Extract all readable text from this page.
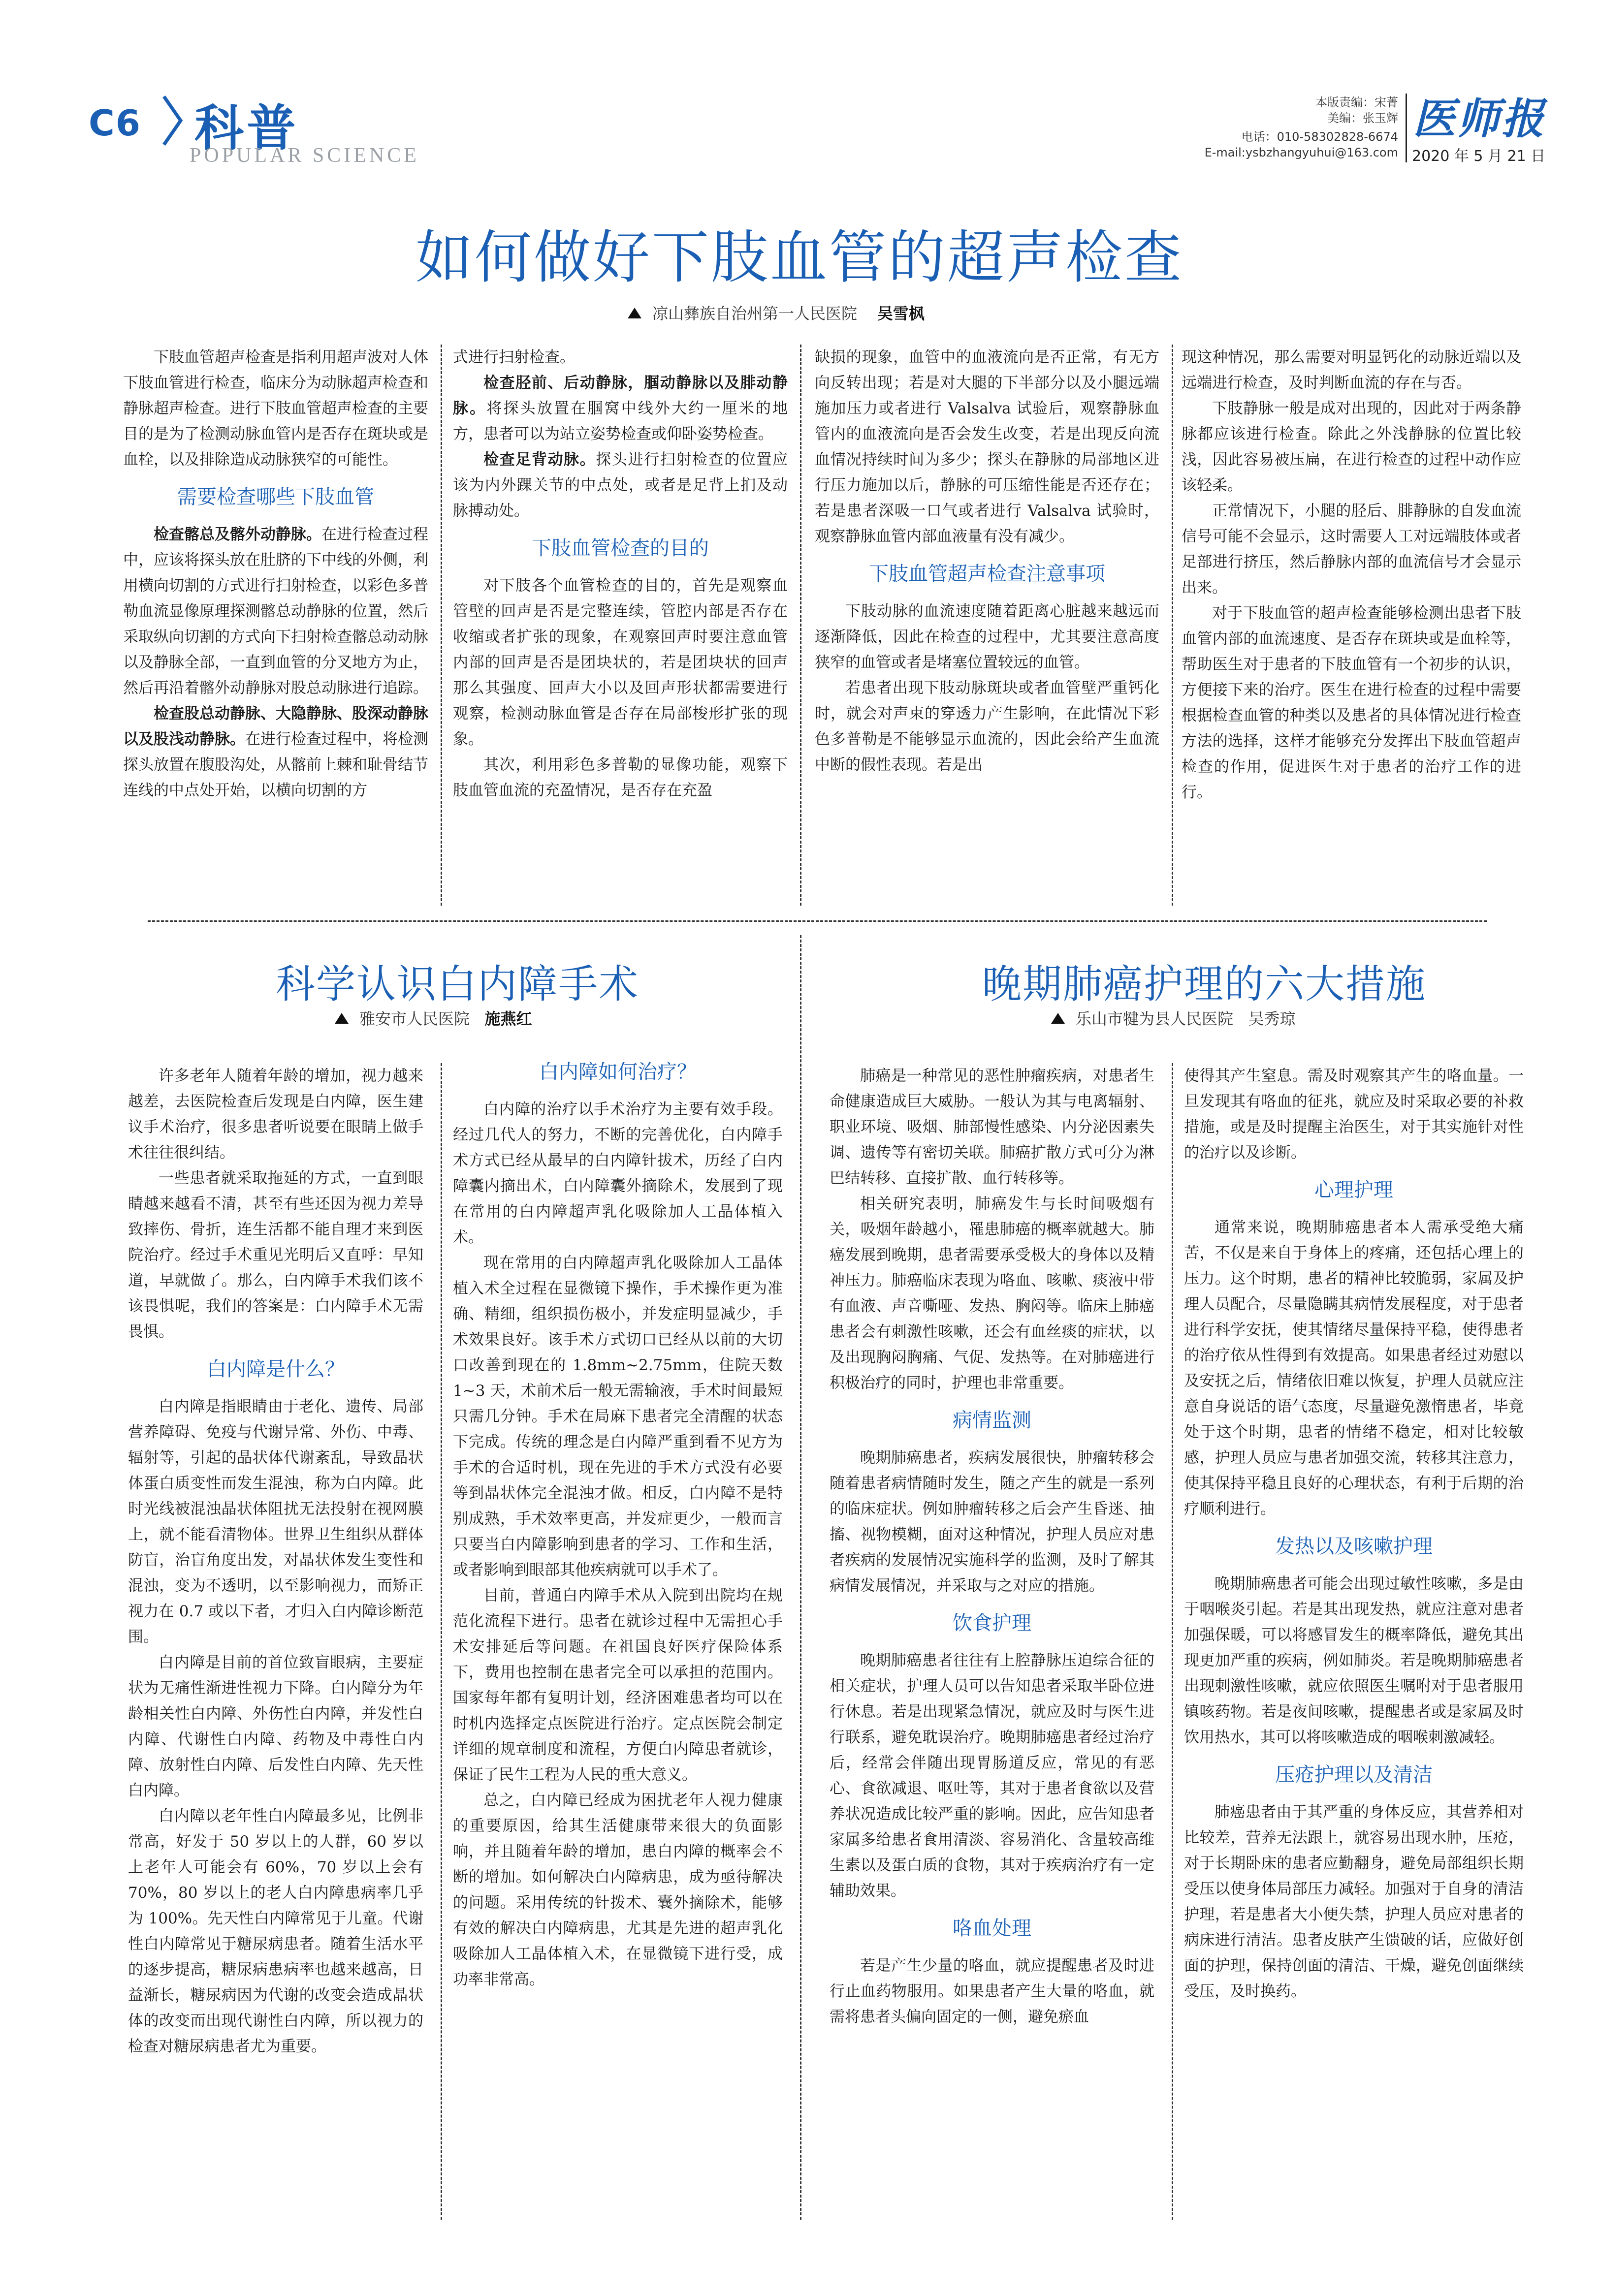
C6 科普
POPULAR SCIENCE
本版责编：宋菁
美编：张玉辉
电话：010-58302828-6674
E-mail:ysbzhangyuhui@163.com
医师报
2020 年 5 月 21 日
如何做好下肢血管的超声检查
凉山彝族自治州第一人民医院 吴雪枫

下肢血管超声检查是指利用超声波对人体下肢血管进行检查，临床分为动脉超声检查和静脉超声检查。进行下肢血管超声检查的主要目的是为了检测动脉血管内是否存在斑块或是血栓，以及排除造成动脉狭窄的可能性。

需要检查哪些下肢血管

检查髂总及髂外动静脉。在进行检查过程中，应该将探头放在肚脐的下中线的外侧，利用横向切割的方式进行扫射检查，以彩色多普勒血流显像原理探测髂总动静脉的位置，然后采取纵向切割的方式向下扫射检查髂总动动脉以及静脉全部，一直到血管的分叉地方为止，然后再沿着髂外动静脉对股总动脉进行追踪。

检查股总动静脉、大隐静脉、股深动静脉以及股浅动静脉。在进行检查过程中，将检测探头放置在腹股沟处，从髂前上棘和耻骨结节连线的中点处开始，以横向切割的方

式进行扫射检查。

检查胫前、后动静脉，腘动静脉以及腓动静脉。将探头放置在腘窝中线外大约一厘米的地方，患者可以为站立姿势检查或仰卧姿势检查。

检查足背动脉。探头进行扫射检查的位置应该为内外踝关节的中点处，或者是足背上扪及动脉搏动处。

下肢血管检查的目的

对下肢各个血管检查的目的，首先是观察血管壁的回声是否是完整连续，管腔内部是否存在收缩或者扩张的现象，在观察回声时要注意血管内部的回声是否是团块状的，若是团块状的回声那么其强度、回声大小以及回声形状都需要进行观察，检测动脉血管是否存在局部梭形扩张的现象。

其次，利用彩色多普勒的显像功能，观察下肢血管血流的充盈情况，是否存在充盈

缺损的现象，血管中的血液流向是否正常，有无方向反转出现；若是对大腿的下半部分以及小腿远端施加压力或者进行 Valsalva 试验后，观察静脉血管内的血液流向是否会发生改变，若是出现反向流血情况持续时间为多少；探头在静脉的局部地区进行压力施加以后，静脉的可压缩性能是否还存在；若是患者深吸一口气或者进行 Valsalva 试验时，观察静脉血管内部血液量有没有减少。

下肢血管超声检查注意事项

下肢动脉的血流速度随着距离心脏越来越远而逐渐降低，因此在检查的过程中，尤其要注意高度狭窄的血管或者是堵塞位置较远的血管。

若患者出现下肢动脉斑块或者血管壁严重钙化时，就会对声束的穿透力产生影响，在此情况下彩色多普勒是不能够显示血流的，因此会给产生血流中断的假性表现。若是出

现这种情况，那么需要对明显钙化的动脉近端以及远端进行检查，及时判断血流的存在与否。

下肢静脉一般是成对出现的，因此对于两条静脉都应该进行检查。除此之外浅静脉的位置比较浅，因此容易被压扁，在进行检查的过程中动作应该轻柔。

正常情况下，小腿的胫后、腓静脉的自发血流信号可能不会显示，这时需要人工对远端肢体或者足部进行挤压，然后静脉内部的血流信号才会显示出来。

对于下肢血管的超声检查能够检测出患者下肢血管内部的血流速度、是否存在斑块或是血栓等，帮助医生对于患者的下肢血管有一个初步的认识，方便接下来的治疗。医生在进行检查的过程中需要根据检查血管的种类以及患者的具体情况进行检查方法的选择，这样才能够充分发挥出下肢血管超声检查的作用，促进医生对于患者的治疗工作的进行。

科学认识白内障手术
雅安市人民医院 施燕红

许多老年人随着年龄的增加，视力越来越差，去医院检查后发现是白内障，医生建议手术治疗，很多患者听说要在眼睛上做手术往往很纠结。

一些患者就采取拖延的方式，一直到眼睛越来越看不清，甚至有些还因为视力差导致摔伤、骨折，连生活都不能自理才来到医院治疗。经过手术重见光明后又直呼：早知道，早就做了。那么，白内障手术我们该不该畏惧呢，我们的答案是：白内障手术无需畏惧。

白内障是什么？

白内障是指眼睛由于老化、遗传、局部营养障碍、免疫与代谢异常、外伤、中毒、辐射等，引起的晶状体代谢紊乱，导致晶状体蛋白质变性而发生混浊，称为白内障。此时光线被混浊晶状体阻扰无法投射在视网膜上，就不能看清物体。世界卫生组织从群体防盲，治盲角度出发，对晶状体发生变性和混浊，变为不透明，以至影响视力，而矫正视力在 0.7 或以下者，才归入白内障诊断范围。

白内障是目前的首位致盲眼病，主要症状为无痛性渐进性视力下降。白内障分为年龄相关性白内障、外伤性白内障，并发性白内障、代谢性白内障、药物及中毒性白内障、放射性白内障、后发性白内障、先天性白内障。

白内障以老年性白内障最多见，比例非常高，好发于 50 岁以上的人群，60 岁以上老年人可能会有 60%，70 岁以上会有 70%，80 岁以上的老人白内障患病率几乎为 100%。先天性白内障常见于儿童。代谢性白内障常见于糖尿病患者。随着生活水平的逐步提高，糖尿病患病率也越来越高，日益渐长，糖尿病因为代谢的改变会造成晶状体的改变而出现代谢性白内障，所以视力的检查对糖尿病患者尤为重要。

白内障如何治疗？

白内障的治疗以手术治疗为主要有效手段。经过几代人的努力，不断的完善优化，白内障手术方式已经从最早的白内障针拔术，历经了白内障囊内摘出术，白内障囊外摘除术，发展到了现在常用的白内障超声乳化吸除加人工晶体植入术。

现在常用的白内障超声乳化吸除加人工晶体植入术全过程在显微镜下操作，手术操作更为准确、精细，组织损伤极小，并发症明显减少，手术效果良好。该手术方式切口已经从以前的大切口改善到现在的 1.8mm~2.75mm，住院天数 1~3 天，术前术后一般无需输液，手术时间最短只需几分钟。手术在局麻下患者完全清醒的状态下完成。传统的理念是白内障严重到看不见方为手术的合适时机，现在先进的手术方式没有必要等到晶状体完全混浊才做。相反，白内障不是特别成熟，手术效率更高，并发症更少，一般而言只要当白内障影响到患者的学习、工作和生活，或者影响到眼部其他疾病就可以手术了。

目前，普通白内障手术从入院到出院均在规范化流程下进行。患者在就诊过程中无需担心手术安排延后等问题。在祖国良好医疗保险体系下，费用也控制在患者完全可以承担的范围内。国家每年都有复明计划，经济困难患者均可以在时机内选择定点医院进行治疗。定点医院会制定详细的规章制度和流程，方便白内障患者就诊，保证了民生工程为人民的重大意义。

总之，白内障已经成为困扰老年人视力健康的重要原因，给其生活健康带来很大的负面影响，并且随着年龄的增加，患白内障的概率会不断的增加。如何解决白内障病患，成为亟待解决的问题。采用传统的针拨术、囊外摘除术，能够有效的解决白内障病患，尤其是先进的超声乳化吸除加人工晶体植入术，在显微镜下进行受，成功率非常高。

晚期肺癌护理的六大措施
乐山市犍为县人民医院 吴秀琼

肺癌是一种常见的恶性肿瘤疾病，对患者生命健康造成巨大威胁。一般认为其与电离辐射、职业环境、吸烟、肺部慢性感染、内分泌因素失调、遗传等有密切关联。肺癌扩散方式可分为淋巴结转移、直接扩散、血行转移等。

相关研究表明，肺癌发生与长时间吸烟有关，吸烟年龄越小，罹患肺癌的概率就越大。肺癌发展到晚期，患者需要承受极大的身体以及精神压力。肺癌临床表现为咯血、咳嗽、痰液中带有血液、声音嘶哑、发热、胸闷等。临床上肺癌患者会有刺激性咳嗽，还会有血丝痰的症状，以及出现胸闷胸痛、气促、发热等。在对肺癌进行积极治疗的同时，护理也非常重要。

病情监测

晚期肺癌患者，疾病发展很快，肿瘤转移会随着患者病情随时发生，随之产生的就是一系列的临床症状。例如肿瘤转移之后会产生昏迷、抽搐、视物模糊，面对这种情况，护理人员应对患者疾病的发展情况实施科学的监测，及时了解其病情发展情况，并采取与之对应的措施。

饮食护理

晚期肺癌患者往往有上腔静脉压迫综合征的相关症状，护理人员可以告知患者采取半卧位进行休息。若是出现紧急情况，就应及时与医生进行联系，避免耽误治疗。晚期肺癌患者经过治疗后，经常会伴随出现胃肠道反应，常见的有恶心、食欲减退、呕吐等，其对于患者食欲以及营养状况造成比较严重的影响。因此，应告知患者家属多给患者食用清淡、容易消化、含量较高维生素以及蛋白质的食物，其对于疾病治疗有一定辅助效果。

咯血处理

若是产生少量的咯血，就应提醒患者及时进行止血药物服用。如果患者产生大量的咯血，就需将患者头偏向固定的一侧，避免瘀血

使得其产生窒息。需及时观察其产生的咯血量。一旦发现其有咯血的征兆，就应及时采取必要的补救措施，或是及时提醒主治医生，对于其实施针对性的治疗以及诊断。

心理护理

通常来说，晚期肺癌患者本人需承受绝大痛苦，不仅是来自于身体上的疼痛，还包括心理上的压力。这个时期，患者的精神比较脆弱，家属及护理人员配合，尽量隐瞒其病情发展程度，对于患者进行科学安抚，使其情绪尽量保持平稳，使得患者的治疗依从性得到有效提高。如果患者经过劝慰以及安抚之后，情绪依旧难以恢复，护理人员就应注意自身说话的语气态度，尽量避免激惰患者，毕竟处于这个时期，患者的情绪不稳定，相对比较敏感，护理人员应与患者加强交流，转移其注意力，使其保持平稳且良好的心理状态，有利于后期的治疗顺利进行。

发热以及咳嗽护理

晚期肺癌患者可能会出现过敏性咳嗽，多是由于咽喉炎引起。若是其出现发热，就应注意对患者加强保暖，可以将感冒发生的概率降低，避免其出现更加严重的疾病，例如肺炎。若是晚期肺癌患者出现刺激性咳嗽，就应依照医生嘱咐对于患者服用镇咳药物。若是夜间咳嗽，提醒患者或是家属及时饮用热水，其可以将咳嗽造成的咽喉刺激减轻。

压疮护理以及清洁

肺癌患者由于其严重的身体反应，其营养相对比较差，营养无法跟上，就容易出现水肿，压疮，对于长期卧床的患者应勤翻身，避免局部组织长期受压以使身体局部压力减轻。加强对于自身的清洁护理，若是患者大小便失禁，护理人员应对患者的病床进行清洁。患者皮肤产生馈破的话，应做好创面的护理，保持创面的清洁、干燥，避免创面继续受压，及时换药。
